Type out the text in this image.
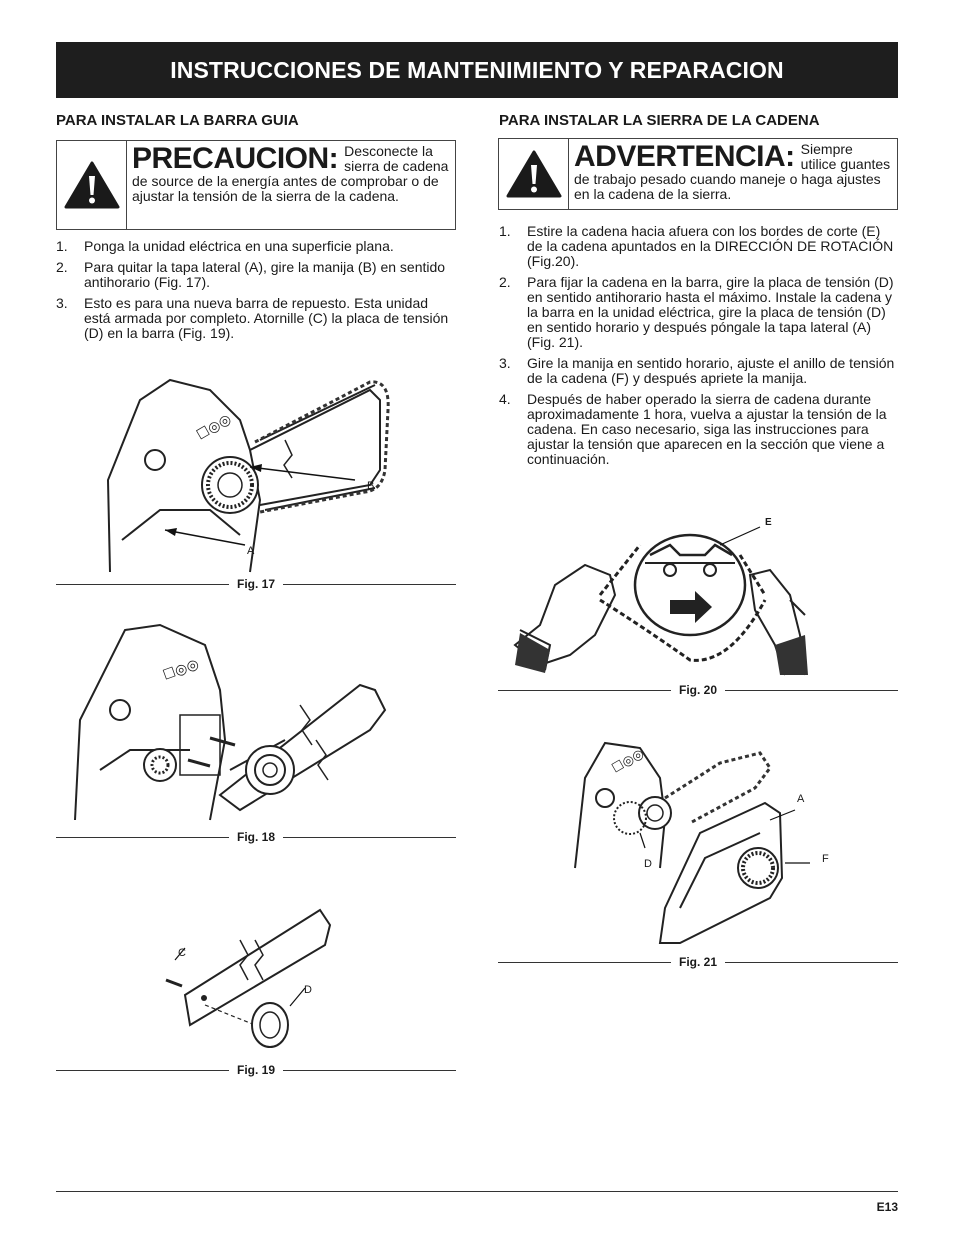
INSTRUCCIONES DE MANTENIMIENTO Y REPARACION
PARA INSTALAR LA BARRA GUIA
PRECAUCION: Desconecte la sierra de cadena de source de la energía antes de comprobar o de ajustar la tensión de la sierra de la cadena.
1. Ponga la unidad eléctrica en una superficie plana.
2. Para quitar la tapa lateral (A), gire la manija (B) en sentido antihorario (Fig. 17).
3. Esto es para una nueva barra de repuesto. Esta unidad está armada por completo. Atornille (C) la placa de tensión (D) en la barra (Fig. 19).
☐◎◎
B
A
Fig. 17
☐◎◎
Fig. 18
C
D
Fig. 19
PARA INSTALAR LA SIERRA DE LA CADENA
ADVERTENCIA: Siempre utilice guantes de trabajo pesado cuando maneje o haga ajustes en la cadena de la sierra.
1. Estire la cadena hacia afuera con los bordes de corte (E) de la cadena apuntados en la DIRECCIÓN DE ROTACIÓN (Fig.20).
2. Para fijar la cadena en la barra, gire la placa de tensión (D) en sentido antihorario hasta el máximo. Instale la cadena y la barra en la unidad eléctrica, gire la placa de tensión (D) en sentido horario y después póngale la tapa lateral (A) (Fig. 21).
3. Gire la manija en sentido horario, ajuste el anillo de tensión de la cadena (F) y después apriete la manija.
4. Después de haber operado la sierra de cadena durante aproximadamente 1 hora, vuelva a ajustar la tensión de la cadena. En caso necesario, siga las instrucciones para ajustar la tensión que aparecen en la sección que viene a continuación.
E
Fig. 20
☐◎◎
A
F
D
Fig. 21
E13
